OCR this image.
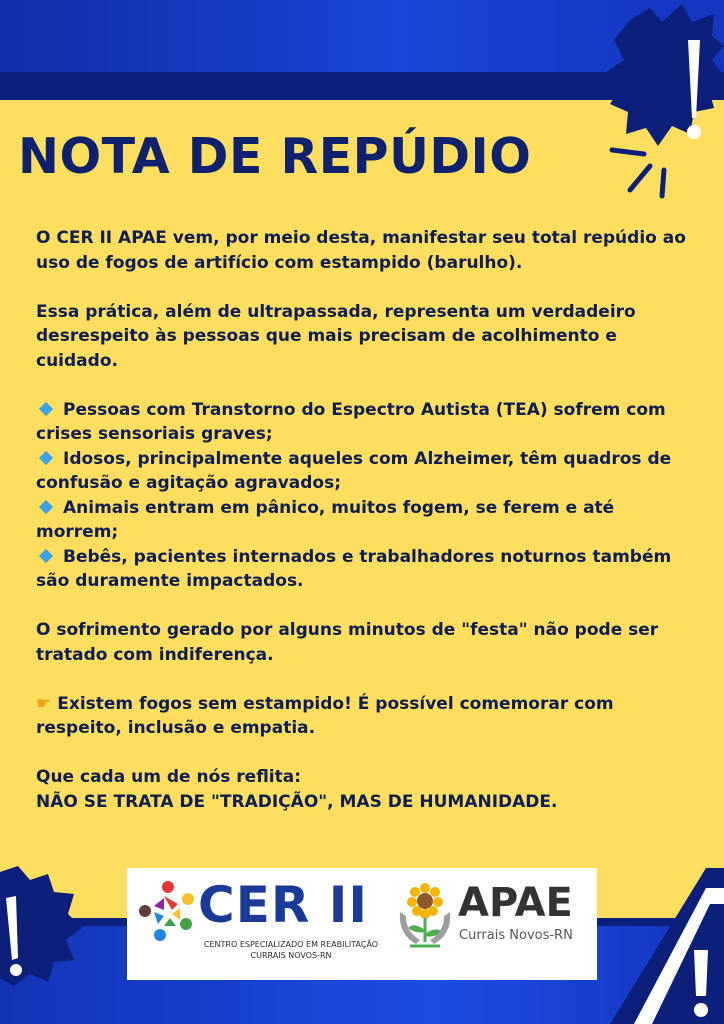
NOTA DE REPÚDIO

O CER II APAE vem, por meio desta, manifestar seu total repúdio ao uso de fogos de artifício com estampido (barulho).

Essa prática, além de ultrapassada, representa um verdadeiro desrespeito às pessoas que mais precisam de acolhimento e cuidado.

Pessoas com Transtorno do Espectro Autista (TEA) sofrem com crises sensoriais graves;
Idosos, principalmente aqueles com Alzheimer, têm quadros de confusão e agitação agravados;
Animais entram em pânico, muitos fogem, se ferem e até morrem;
Bebês, pacientes internados e trabalhadores noturnos também são duramente impactados.

O sofrimento gerado por alguns minutos de "festa" não pode ser tratado com indiferença.

☛ Existem fogos sem estampido! É possível comemorar com respeito, inclusão e empatia.

Que cada um de nós reflita:
NÃO SE TRATA DE "TRADIÇÃO", MAS DE HUMANIDADE.
CER II
CENTRO ESPECIALIZADO EM REABILITAÇÃO
CURRAIS NOVOS-RN
APAE
Currais Novos-RN
